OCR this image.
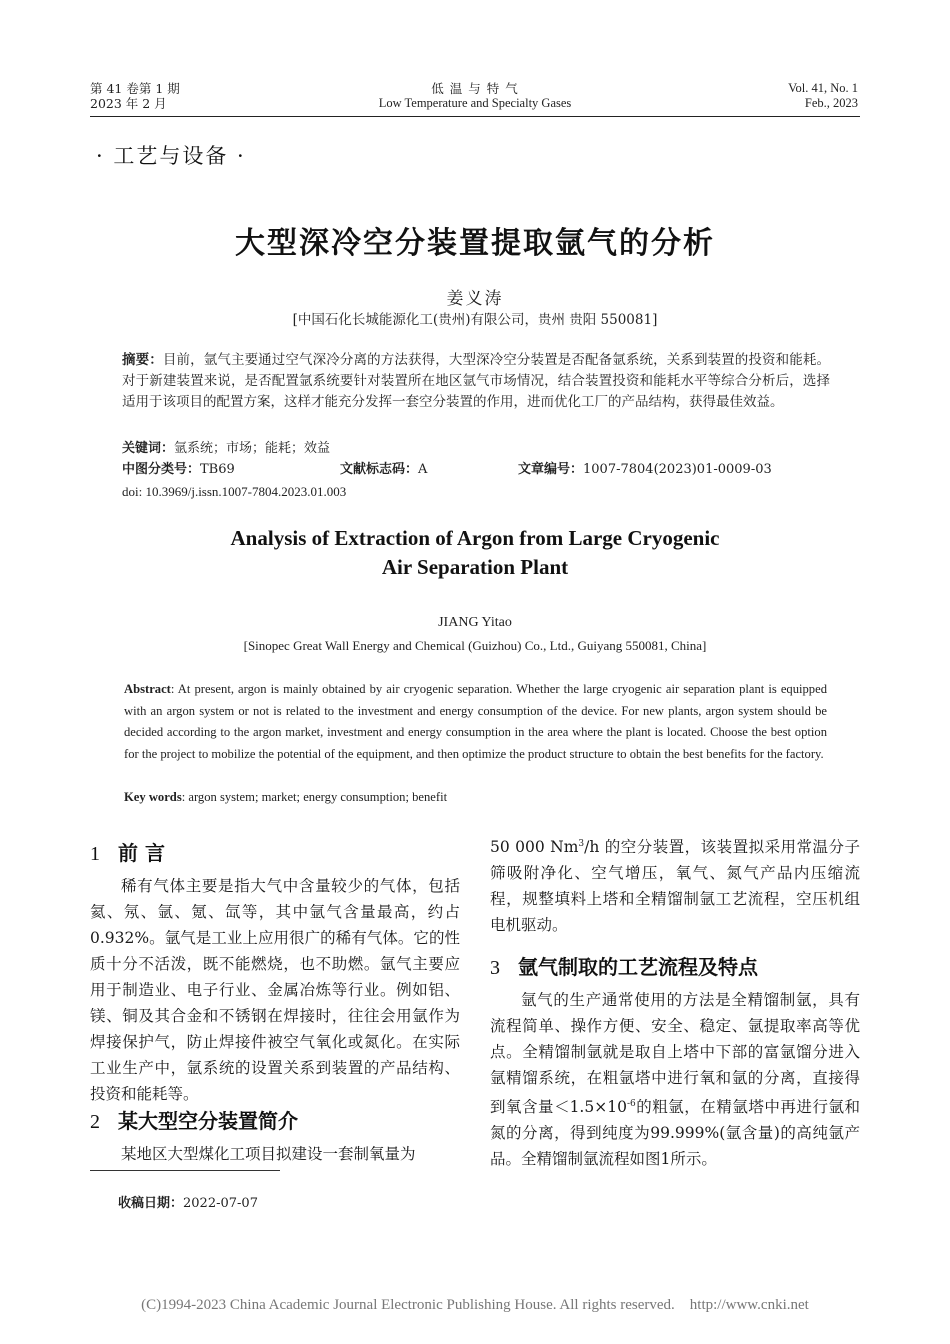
第 41 卷第 1 期
2023 年 2 月
低 温 与 特 气
Low Temperature and Specialty Gases
Vol. 41, No. 1
Feb., 2023
· 工艺与设备 ·
大型深冷空分装置提取氩气的分析
姜义涛
[中国石化长城能源化工(贵州)有限公司，贵州 贵阳 550081]
摘要：目前，氩气主要通过空气深冷分离的方法获得，大型深冷空分装置是否配备氩系统，关系到装置的投资和能耗。对于新建装置来说，是否配置氩系统要针对装置所在地区氩气市场情况，结合装置投资和能耗水平等综合分析后，选择适用于该项目的配置方案，这样才能充分发挥一套空分装置的作用，进而优化工厂的产品结构，获得最佳效益。
关键词：氩系统；市场；能耗；效益
中图分类号：TB69	文献标志码：A	文章编号：1007-7804(2023)01-0009-03
doi: 10.3969/j.issn.1007-7804.2023.01.003
Analysis of Extraction of Argon from Large Cryogenic
Air Separation Plant
JIANG Yitao
[Sinopec Great Wall Energy and Chemical (Guizhou) Co., Ltd., Guiyang 550081, China]
Abstract: At present, argon is mainly obtained by air cryogenic separation. Whether the large cryogenic air separation plant is equipped with an argon system or not is related to the investment and energy consumption of the device. For new plants, argon system should be decided according to the argon market, investment and energy consumption in the area where the plant is located. Choose the best option for the project to mobilize the potential of the equipment, and then optimize the product structure to obtain the best benefits for the factory.
Key words: argon system; market; energy consumption; benefit
1 前 言

稀有气体主要是指大气中含量较少的气体，包括氦、氖、氩、氪、氙等，其中氩气含量最高，约占0.932%。氩气是工业上应用很广的稀有气体。它的性质十分不活泼，既不能燃烧，也不助燃。氩气主要应用于制造业、电子行业、金属冶炼等行业。例如铝、镁、铜及其合金和不锈钢在焊接时，往往会用氩作为焊接保护气，防止焊接件被空气氧化或氮化。在实际工业生产中，氩系统的设置关系到装置的产品结构、投资和能耗等。

2 某大型空分装置简介

某地区大型煤化工项目拟建设一套制氧量为

收稿日期：2022-07-07

50 000 Nm$^3$/h 的空分装置，该装置拟采用常温分子筛吸附净化、空气增压，氧气、氮气产品内压缩流程，规整填料上塔和全精馏制氩工艺流程，空压机组电机驱动。

3 氩气制取的工艺流程及特点

氩气的生产通常使用的方法是全精馏制氩，具有流程简单、操作方便、安全、稳定、氩提取率高等优点。全精馏制氩就是取自上塔中下部的富氩馏分进入氩精馏系统，在粗氩塔中进行氧和氩的分离，直接得到氧含量$<1.5\times 10^{-6}$的粗氩，在精氩塔中再进行氩和氮的分离，得到纯度为99.999%(氩含量)的高纯氩产品。全精馏制氩流程如图1所示。

(C)1994-2023 China Academic Journal Electronic Publishing House. All rights reserved.    http://www.cnki.net
